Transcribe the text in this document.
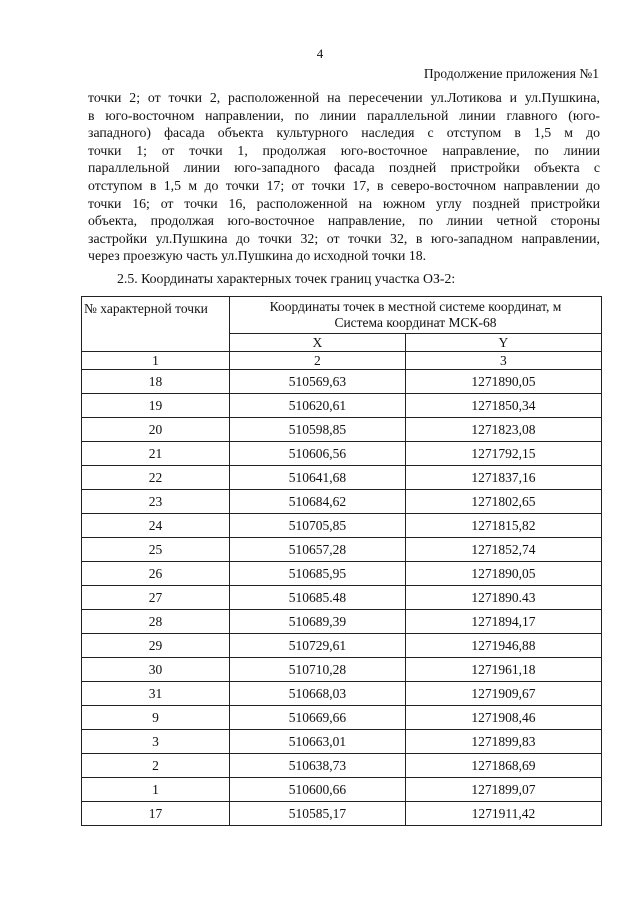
4
Продолжение приложения №1
точки 2; от точки 2, расположенной на пересечении ул.Лотикова и ул.Пушкина,
в юго-восточном направлении, по линии параллельной линии главного (юго-
западного) фасада объекта культурного наследия с отступом в 1,5 м до
точки 1; от точки 1, продолжая юго-восточное направление, по линии
параллельной линии юго-западного фасада поздней пристройки объекта с
отступом в 1,5 м до точки 17; от точки 17, в северо-восточном направлении до
точки 16; от точки 16, расположенной на южном углу поздней пристройки
объекта, продолжая юго-восточное направление, по линии четной стороны
застройки ул.Пушкина до точки 32; от точки 32, в юго-западном направлении,
через проезжую часть ул.Пушкина до исходной точки 18.
2.5. Координаты характерных точек границ участка ОЗ-2:
№ характерной точки	Координаты точек в местной системе координат, м
Система координат МСК-68	

	X	Y
1	2	3
18	510569,63	1271890,05
19	510620,61	1271850,34
20	510598,85	1271823,08
21	510606,56	1271792,15
22	510641,68	1271837,16
23	510684,62	1271802,65
24	510705,85	1271815,82
25	510657,28	1271852,74
26	510685,95	1271890,05
27	510685.48	1271890.43
28	510689,39	1271894,17
29	510729,61	1271946,88
30	510710,28	1271961,18
31	510668,03	1271909,67
9	510669,66	1271908,46
3	510663,01	1271899,83
2	510638,73	1271868,69
1	510600,66	1271899,07
17	510585,17	1271911,42
